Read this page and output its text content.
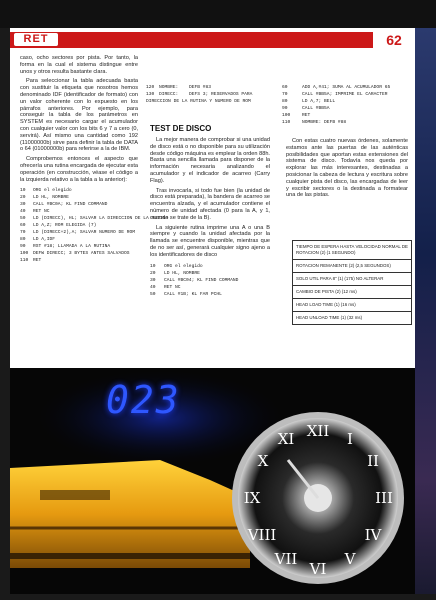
RET	62

caso, ocho sectores por pista. Por tanto, la forma en la cual el sistema distingue entre unos y otros resulta bastante clara.

Para seleccionar la tabla adecuada basta con sustituir la etiqueta que nosotros hemos denominado IDF (identificador de formato) con un valor coherente con lo expuesto en los párrafos anteriores. Por ejemplo, para conseguir la tabla de los parámetros en SYSTEM es necesario cargar el acumulador con cualquier valor con los bits 6 y 7 a cero (0, servirá). Así mismo una cantidad como 192 (11000000b) sirve para definir la tabla de DATA o 64 (01000000b) para referirse a la de IBM.

Comprobemos entonces el aspecto que ofrecería una rutina encargada de ejecutar esta operación (en construcción, véase el código a la izquierda relativo a la tabla a la anterior):

10 ORG el elegido
20 LD HL, NOMBRE
30 CALL #BC0A; KL FIND COMMAND
40 RET NC
50 LD (DIRECC), HL; SALVAR LA DIRECCION DE LA RUTINA
60 LD A,Z; ROM ELEGIDA (7)
70 LD (DIRECC+2),A; SALVAR NUMERO DE ROM
80 LD A,IDF
90 RST #18; LLAMADA A LA RUTINA
100 DEFW DIRECC; 3 BYTES ANTES SALVADOS
110 RET
120 NOMBRE: DEFB #83
130 DIRECC: DEFS 3; RESERVADOS PARA DIRECCION DE LA RUTINA Y NUMERO DE ROM
TEST DE DISCO

La mejor manera de comprobar si una unidad de disco está o no disponible para su utilización desde código máquina es emplear la orden 88h. Basta una sencilla llamada para disponer de la información necesaria analizando el acumulador y el indicador de acarreo (Carry Flag).

Tras invocarla, si todo fue bien (la unidad de disco está preparada), la bandera de acarreo se encuentra alzada, y el acumulador contiene el número de unidad afectada (0 para la A, y 1, cuando se trate de la B).

La siguiente rutina imprime una A o una B siempre y cuando la unidad afectada por la llamada se encuentre disponible, mientras que de no ser así, generará cualquier signo ajeno a los identificadores de disco

10 ORG el elegido
20 LD HL, NOMBRE
30 CALL #BC04; KL FIND COMMAND
40 RET NC
50 CALL #1B; KL FAR PCHL
60	ADD A,#41; SUMA AL ACUMULADOR 65
70	CALL #BB5A; IMPRIME EL CARACTER
80	LD A,7; BELL
90	CALL #BB5A
100	RET
110	NOMBRE: DEFB #88

Con estas cuatro nuevas órdenes, solamente estamos ante las puertas de las auténticas posibilidades que aportan estas extensiones del sistema de disco. Todavía nos queda por explorar las más interesantes, destinadas a posicionar la cabeza de lectura y escritura sobre cualquier pista del disco, las encargadas de leer y escribir sectores o la destinada a formatear una de las pistas.

TIEMPO DE ESPERA HASTA VELOCIDAD NORMAL DE ROTACION (2) (1 SEGUNDO)
ROTACION REMANENTE (2) (2,5 SEGUNDOS)
SOLO UTIL PARA 8" (1) (175) NO ALTERAR
CAMBIO DE PISTA (2) (12 ms)
HEAD LOAD TIME (1) (16 ms)
HEAD UNLOAD TIME (1) (32 ms)
023
XII I
II
III
IV
V
VI
VII
VIII
IX
X
XI
